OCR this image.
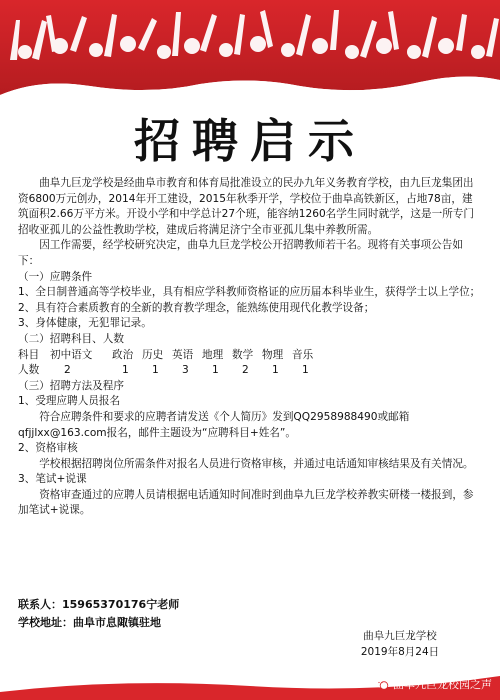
招聘启示

曲阜九巨龙学校是经曲阜市教育和体育局批准设立的民办九年义务教育学校，由九巨龙集团出资6800万元创办，2014年开工建设，2015年秋季开学，学校位于曲阜高铁新区，占地78亩，建筑面积2.66万平方米。开设小学和中学总计27个班，能容纳1260名学生同时就学，这是一所专门招收亚孤儿的公益性教助学校，建成后将满足济宁全市亚孤儿集中养教所需。

因工作需要，经学校研究决定，曲阜九巨龙学校公开招聘教师若干名。现将有关事项公告如下：

（一）应聘条件

1、全日制普通高等学校毕业，具有相应学科教师资格证的应历届本科毕业生，获得学士以上学位；

2、具有符合素质教育的全新的教育教学理念，能熟练使用现代化教学设备；

3、身体健康，无犯罪记录。

（二）招聘科目、人数

科目	初中语文	政治 历史 英语 地理 数学 物理 音乐
人数	2	1	1	3	1	2	1	1

（三）招聘方法及程序

1、受理应聘人员报名

符合应聘条件和要求的应聘者请发送《个人简历》发到QQ2958988490或邮箱

qfjjlxx@163.com报名，邮件主题设为“应聘科目+姓名”。

2、资格审核

学校根据招聘岗位所需条件对报名人员进行资格审核，并通过电话通知审核结果及有关情况。

3、笔试+说课

资格审查通过的应聘人员请根据电话通知时间准时到曲阜九巨龙学校养教实研楼一楼报到，参加笔试+说课。

联系人：15965370176宁老师
学校地址：曲阜市息陬镇驻地
曲阜九巨龙学校
2019年8月24日
曲阜九巨龙校园之声
